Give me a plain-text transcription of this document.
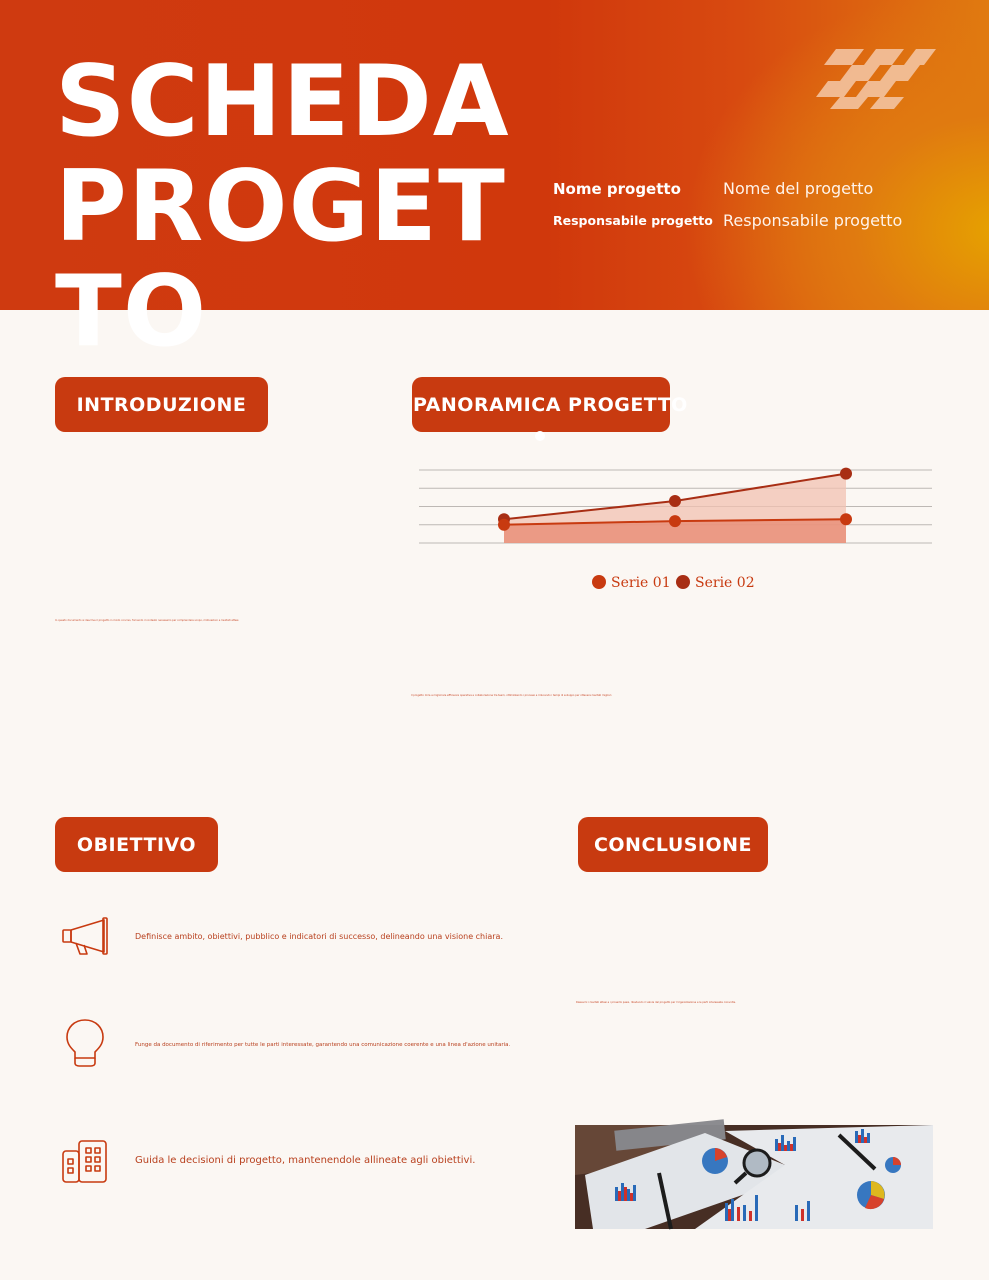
SCHEDA PROGETTO
Nome progetto	Nome del progetto
Responsabile progetto Responsabile progetto
INTRODUZIONE
In questo documento si descrive il progetto in modo conciso, fornendo il contesto necessario per comprendere scopo, motivazioni e risultati attesi.
PANORAMICA PROGETTO
Serie 01	Serie 02
Il progetto mira a migliorare efficienza operativa e collaborazione tra team, ottimizzando i processi e riducendo i tempi di sviluppo per ottenere risultati migliori.
OBIETTIVO
Definisce ambito, obiettivi, pubblico e indicatori di successo, delineando una visione chiara.
Funge da documento di riferimento per tutte le parti interessate, garantendo una comunicazione coerente e una linea d'azione unitaria.
Guida le decisioni di progetto, mantenendole allineate agli obiettivi.
CONCLUSIONE
Riassumi i risultati attesi e i prossimi passi, ribadendo il valore del progetto per l'organizzazione e le parti interessate coinvolte.
